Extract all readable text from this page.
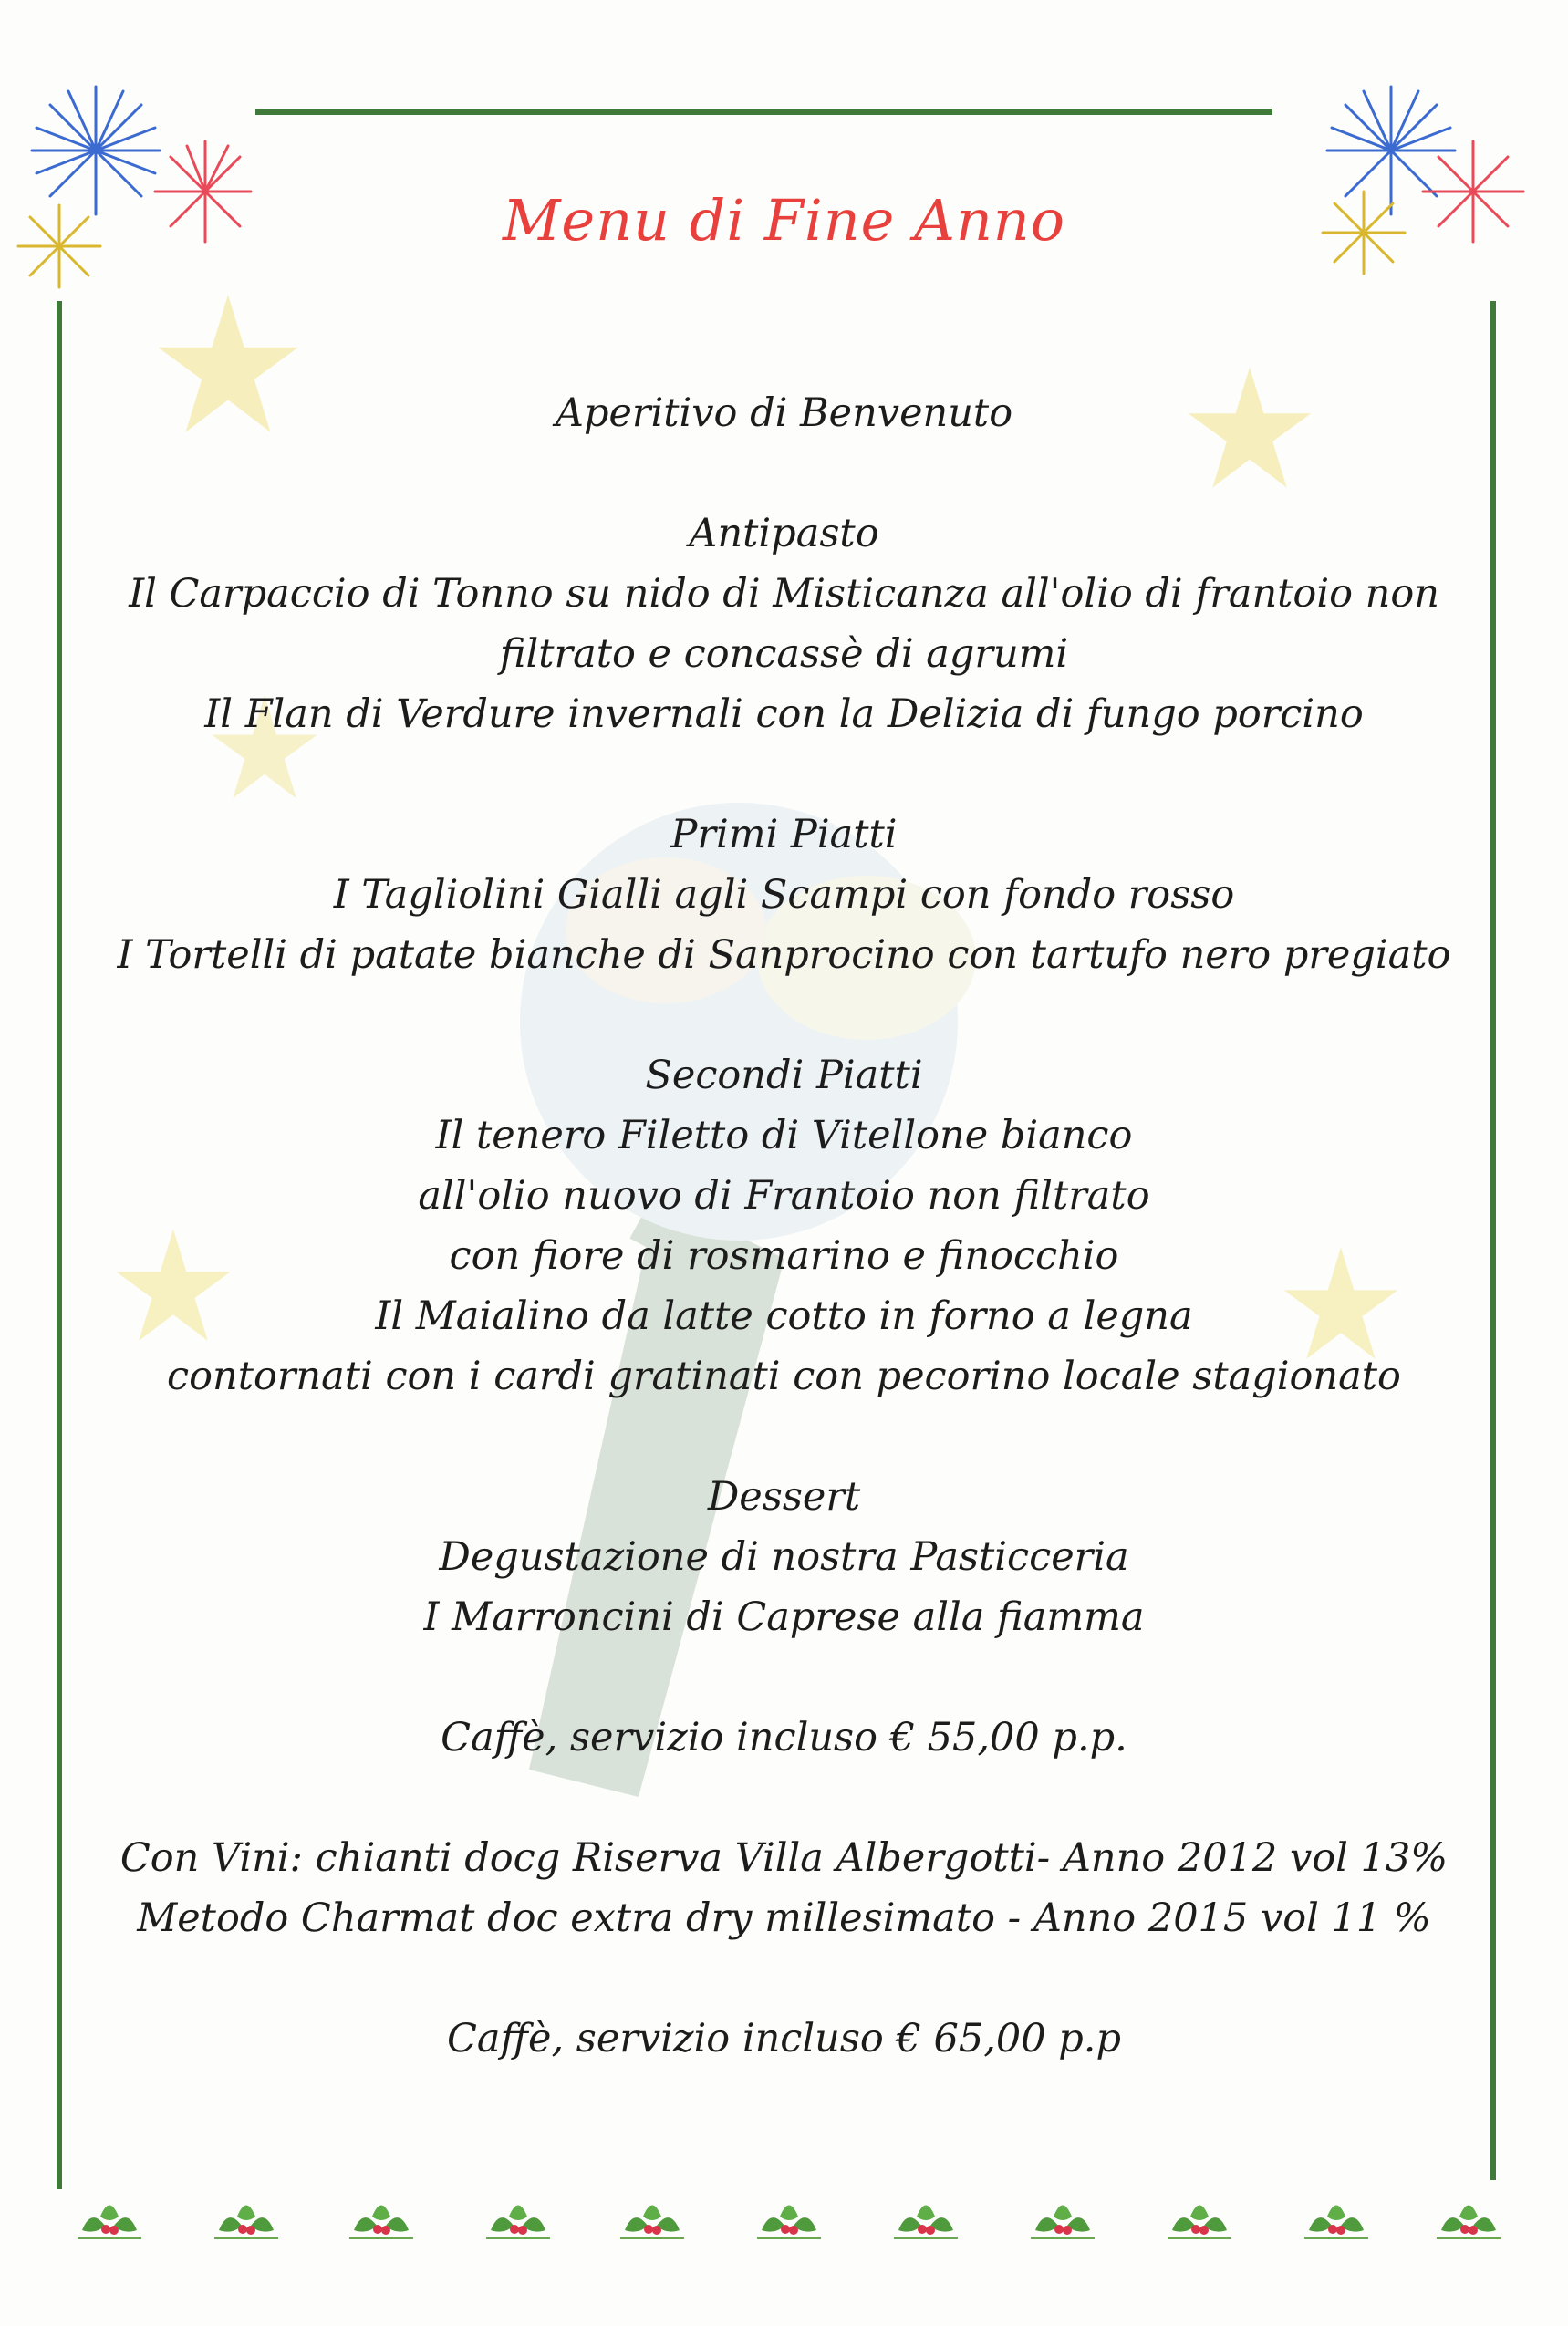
Menu di Fine Anno

Aperitivo di Benvenuto

Antipasto

Il Carpaccio di Tonno su nido di Misticanza all'olio di frantoio non

filtrato e concassè di agrumi

Il Flan di Verdure invernali con la Delizia di fungo porcino

Primi Piatti

I Tagliolini Gialli agli Scampi con fondo rosso

I Tortelli di patate bianche di Sanprocino con tartufo nero pregiato

Secondi Piatti

Il tenero Filetto di Vitellone bianco

all'olio nuovo di Frantoio non filtrato

con fiore di rosmarino e finocchio

Il Maialino da latte cotto in forno a legna

contornati con i cardi gratinati con pecorino locale stagionato

Dessert

Degustazione di nostra Pasticceria

I Marroncini di Caprese alla fiamma

Caffè, servizio incluso € 55,00 p.p.

Con Vini: chianti docg Riserva Villa Albergotti- Anno 2012 vol 13%

Metodo Charmat doc extra dry millesimato - Anno 2015 vol 11 %

Caffè, servizio incluso € 65,00 p.p
